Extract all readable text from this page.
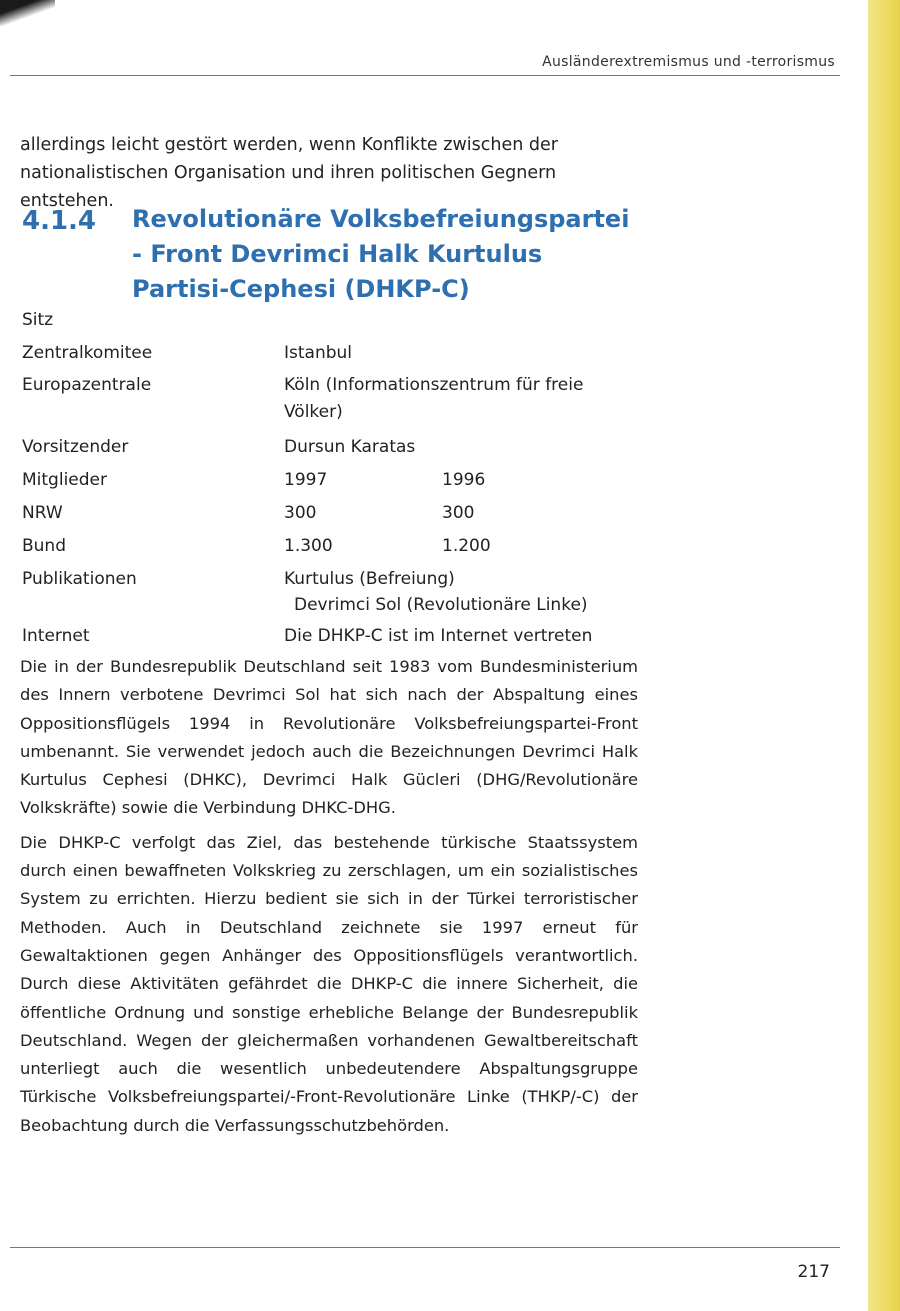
Ausländerextremismus und -terrorismus

allerdings leicht gestört werden, wenn Konflikte zwischen der nationalistischen Organisation und ihren politischen Gegnern entstehen.

4.1.4 Revolutionäre Volksbefreiungspartei - Front Devrimci Halk Kurtulus Partisi-Cephesi (DHKP-C)
Sitz
Zentralkomitee	Istanbul
Europazentrale	Köln (Informationszentrum für freie
Völker)
Vorsitzender	Dursun Karatas
Mitglieder	1997	1996
NRW	300	300
Bund	1.300	1.200
Publikationen	Kurtulus (Befreiung)
Devrimci Sol (Revolutionäre Linke)
Internet	Die DHKP-C ist im Internet vertreten

Die in der Bundesrepublik Deutschland seit 1983 vom Bundesministerium des Innern verbotene Devrimci Sol hat sich nach der Abspaltung eines Oppositionsflügels 1994 in Revolutionäre Volksbefreiungspartei-Front umbenannt. Sie verwendet jedoch auch die Bezeichnungen Devrimci Halk Kurtulus Cephesi (DHKC), Devrimci Halk Gücleri (DHG/Revolutionäre Volkskräfte) sowie die Verbindung DHKC-DHG.

Die DHKP-C verfolgt das Ziel, das bestehende türkische Staatssystem durch einen bewaffneten Volkskrieg zu zerschlagen, um ein sozialistisches System zu errichten. Hierzu bedient sie sich in der Türkei terroristischer Methoden. Auch in Deutschland zeichnete sie 1997 erneut für Gewaltaktionen gegen Anhänger des Oppositionsflügels verantwortlich. Durch diese Aktivitäten gefährdet die DHKP-C die innere Sicherheit, die öffentliche Ordnung und sonstige erhebliche Belange der Bundesrepublik Deutschland. Wegen der gleichermaßen vorhandenen Gewaltbereitschaft unterliegt auch die wesentlich unbedeutendere Abspaltungsgruppe Türkische Volksbefreiungspartei/-Front-Revolutionäre Linke (THKP/-C) der Beobachtung durch die Verfassungsschutzbehörden.

217
